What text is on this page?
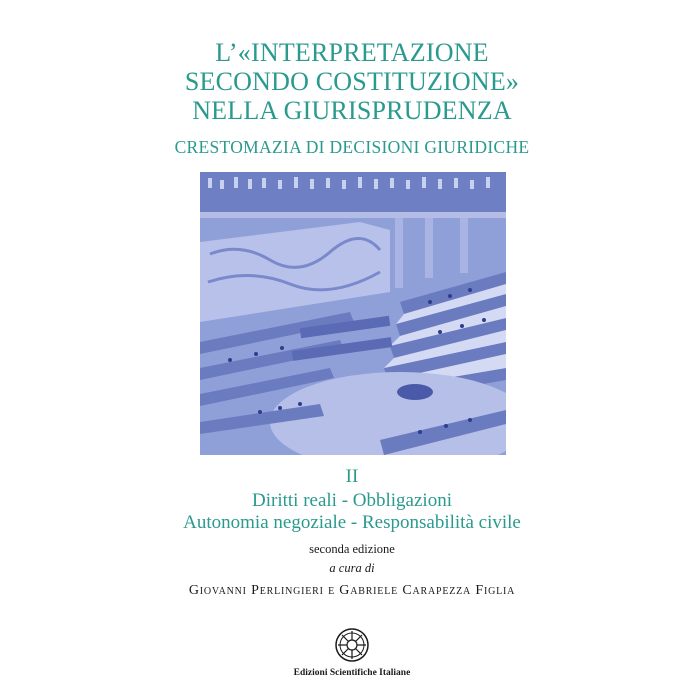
L’«INTERPRETAZIONE
SECONDO COSTITUZIONE»
NELLA GIURISPRUDENZA
CRESTOMAZIA DI DECISIONI GIURIDICHE
II
Diritti reali - Obbligazioni
Autonomia negoziale - Responsabilità civile
seconda edizione
a cura di
Giovanni Perlingieri e Gabriele Carapezza Figlia
Edizioni Scientifiche Italiane
